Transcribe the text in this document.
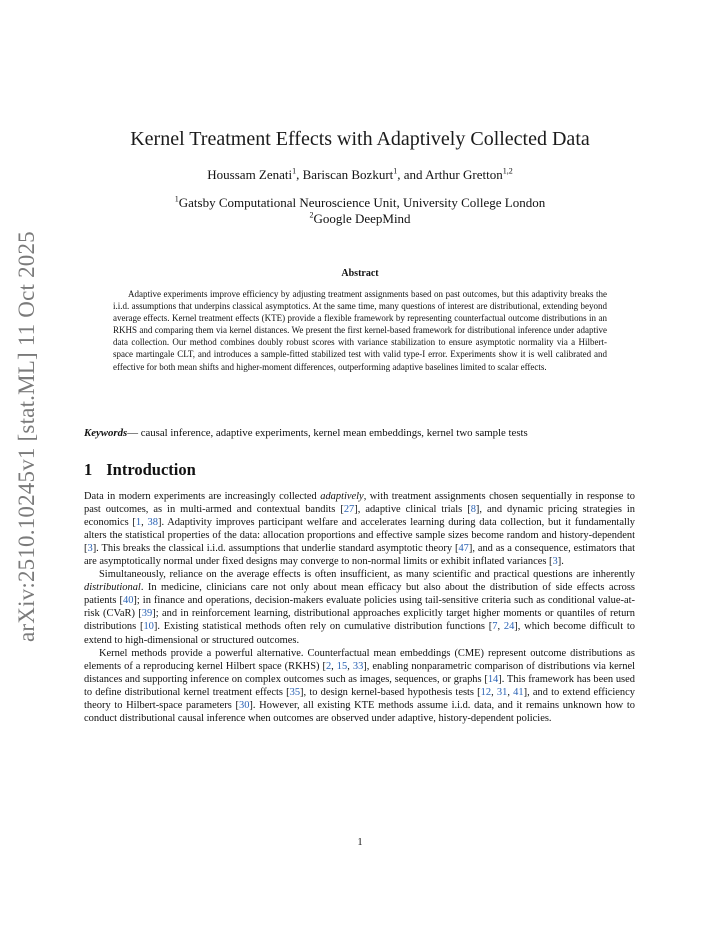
arXiv:2510.10245v1 [stat.ML] 11 Oct 2025
Kernel Treatment Effects with Adaptively Collected Data
Houssam Zenati$^1$, Bariscan Bozkurt$^1$, and Arthur Gretton$^{1,2}$
$^1$Gatsby Computational Neuroscience Unit, University College London
$^2$Google DeepMind
Abstract
Adaptive experiments improve efficiency by adjusting treatment assignments based on past outcomes, but this adaptivity breaks the i.i.d. assumptions that underpins classical asymptotics. At the same time, many questions of interest are distributional, extending beyond average effects. Kernel treatment effects (KTE) provide a flexible framework by representing counterfactual outcome distributions in an RKHS and comparing them via kernel distances. We present the first kernel-based framework for distributional inference under adaptive data collection. Our method combines doubly robust scores with variance stabilization to ensure asymptotic normality via a Hilbert-space martingale CLT, and introduces a sample-fitted stabilized test with valid type-I error. Experiments show it is well calibrated and effective for both mean shifts and higher-moment differences, outperforming adaptive baselines limited to scalar effects.
Keywords— causal inference, adaptive experiments, kernel mean embeddings, kernel two sample tests
1 Introduction

Data in modern experiments are increasingly collected adaptively, with treatment assignments chosen sequentially in response to past outcomes, as in multi-armed and contextual bandits [27], adaptive clinical trials [8], and dynamic pricing strategies in economics [1, 38]. Adaptivity improves participant welfare and accelerates learning during data collection, but it fundamentally alters the statistical properties of the data: allocation proportions and effective sample sizes become random and history-dependent [3]. This breaks the classical i.i.d. assumptions that underlie standard asymptotic theory [47], and as a consequence, estimators that are asymptotically normal under fixed designs may converge to non-normal limits or exhibit inflated variances [3].

Simultaneously, reliance on the average effects is often insufficient, as many scientific and practical questions are inherently distributional. In medicine, clinicians care not only about mean efficacy but also about the distribution of side effects across patients [40]; in finance and operations, decision-makers evaluate policies using tail-sensitive criteria such as conditional value-at-risk (CVaR) [39]; and in reinforcement learning, distributional approaches explicitly target higher moments or quantiles of return distributions [10]. Existing statistical methods often rely on cumulative distribution functions [7, 24], which become difficult to extend to high-dimensional or structured outcomes.

Kernel methods provide a powerful alternative. Counterfactual mean embeddings (CME) represent outcome distributions as elements of a reproducing kernel Hilbert space (RKHS) [2, 15, 33], enabling nonparametric comparison of distributions via kernel distances and supporting inference on complex outcomes such as images, sequences, or graphs [14]. This framework has been used to define distributional kernel treatment effects [35], to design kernel-based hypothesis tests [12, 31, 41], and to extend efficiency theory to Hilbert-space parameters [30]. However, all existing KTE methods assume i.i.d. data, and it remains unknown how to conduct distributional causal inference when outcomes are observed under adaptive, history-dependent policies.

1
